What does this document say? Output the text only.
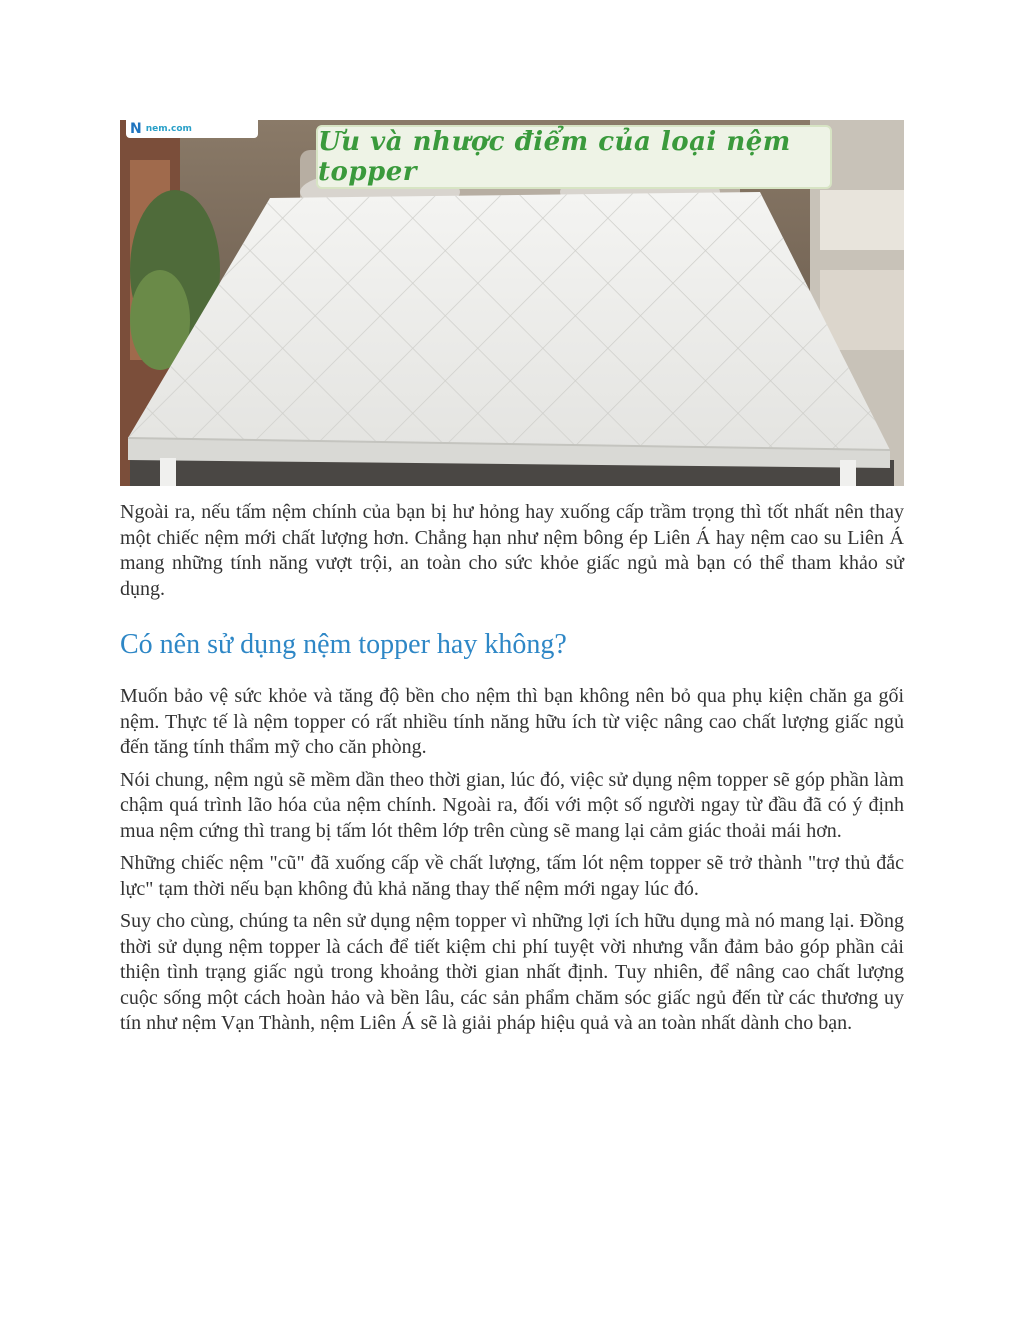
N nem.com	Ưu và nhược điểm của loại nệm topper

Ngoài ra, nếu tấm nệm chính của bạn bị hư hỏng hay xuống cấp trầm trọng thì tốt nhất nên thay một chiếc nệm mới chất lượng hơn. Chẳng hạn như nệm bông ép Liên Á hay nệm cao su Liên Á mang những tính năng vượt trội, an toàn cho sức khỏe giấc ngủ mà bạn có thể tham khảo sử dụng.

Có nên sử dụng nệm topper hay không?

Muốn bảo vệ sức khỏe và tăng độ bền cho nệm thì bạn không nên bỏ qua phụ kiện chăn ga gối nệm. Thực tế là nệm topper có rất nhiều tính năng hữu ích từ việc nâng cao chất lượng giấc ngủ đến tăng tính thẩm mỹ cho căn phòng.

Nói chung, nệm ngủ sẽ mềm dần theo thời gian, lúc đó, việc sử dụng nệm topper sẽ góp phần làm chậm quá trình lão hóa của nệm chính. Ngoài ra, đối với một số người ngay từ đầu đã có ý định mua nệm cứng thì trang bị tấm lót thêm lớp trên cùng sẽ mang lại cảm giác thoải mái hơn.

Những chiếc nệm "cũ" đã xuống cấp về chất lượng, tấm lót nệm topper sẽ trở thành "trợ thủ đắc lực" tạm thời nếu bạn không đủ khả năng thay thế nệm mới ngay lúc đó.

Suy cho cùng, chúng ta nên sử dụng nệm topper vì những lợi ích hữu dụng mà nó mang lại. Đồng thời sử dụng nệm topper là cách để tiết kiệm chi phí tuyệt vời nhưng vẫn đảm bảo góp phần cải thiện tình trạng giấc ngủ trong khoảng thời gian nhất định. Tuy nhiên, để nâng cao chất lượng cuộc sống một cách hoàn hảo và bền lâu, các sản phẩm chăm sóc giấc ngủ đến từ các thương uy tín như nệm Vạn Thành, nệm Liên Á sẽ là giải pháp hiệu quả và an toàn nhất dành cho bạn.
